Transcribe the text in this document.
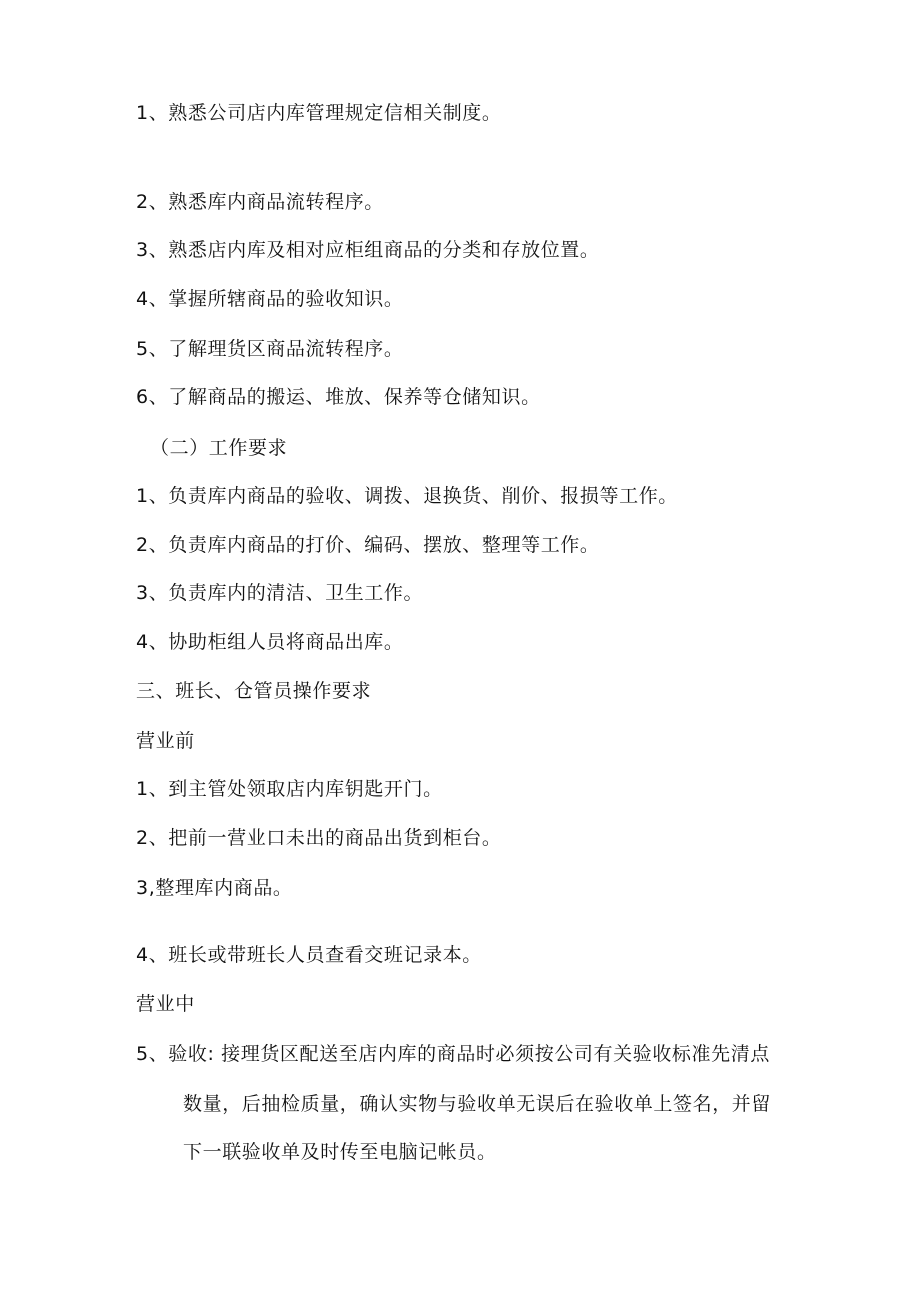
1、熟悉公司店内库管理规定信相关制度。
2、熟悉库内商品流转程序。
3、熟悉店内库及相对应柜组商品的分类和存放位置。
4、掌握所辖商品的验收知识。
5、了解理货区商品流转程序。
6、了解商品的搬运、堆放、保养等仓储知识。
（二）工作要求
1、负责库内商品的验收、调拨、退换货、削价、报损等工作。
2、负责库内商品的打价、编码、摆放、整理等工作。
3、负责库内的清洁、卫生工作。
4、协助柜组人员将商品出库。
三、班长、仓管员操作要求
营业前
1、到主管处领取店内库钥匙开门。
2、把前一营业口未出的商品出货到柜台。
3,整理库内商品。
4、班长或带班长人员查看交班记录本。
营业中
5、验收: 接理货区配送至店内库的商品时必须按公司有关验收标准先清点
数量，后抽检质量，确认实物与验收单无误后在验收单上签名，并留
下一联验收单及时传至电脑记帐员。
